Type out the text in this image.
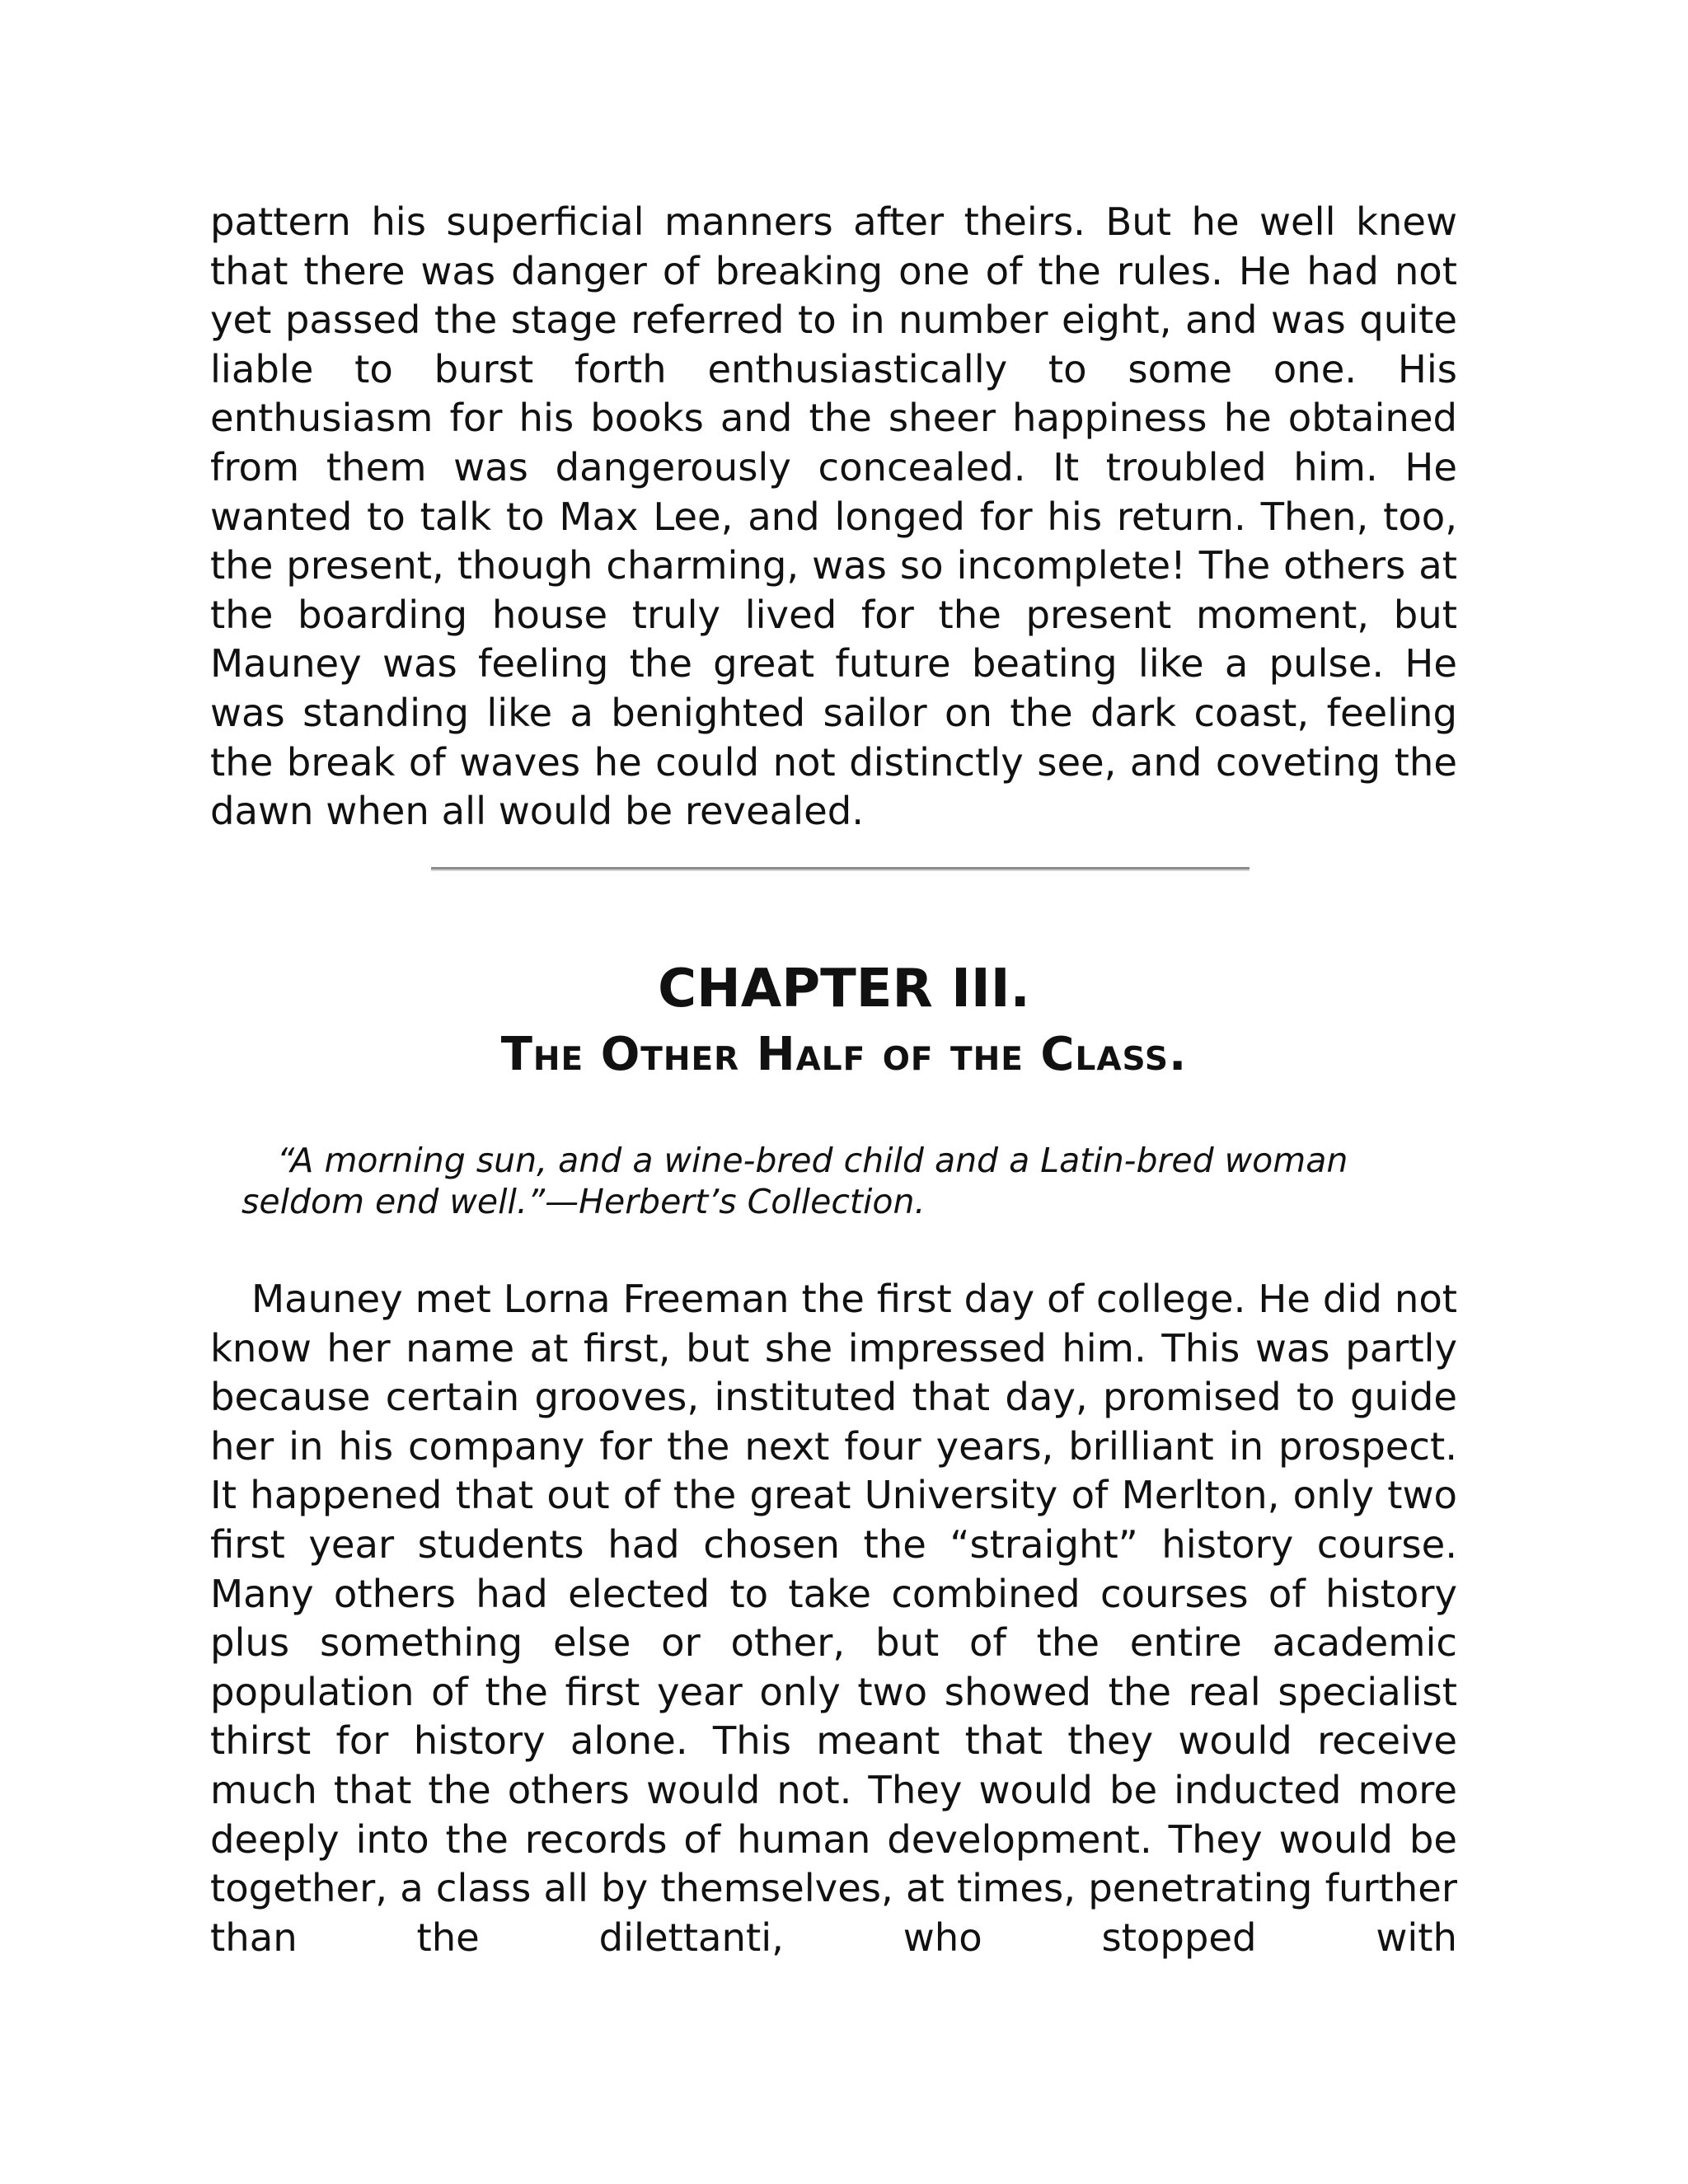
pattern his superficial manners after theirs. But he well knew that there was danger of breaking one of the rules. He had not yet passed the stage referred to in number eight, and was quite liable to burst forth enthusiastically to some one. His enthusiasm for his books and the sheer happiness he obtained from them was dangerously concealed. It troubled him. He wanted to talk to Max Lee, and longed for his return. Then, too, the present, though charming, was so incomplete! The others at the boarding house truly lived for the present moment, but Mauney was feeling the great future beating like a pulse. He was standing like a benighted sailor on the dark coast, feeling the break of waves he could not distinctly see, and coveting the dawn when all would be revealed.

CHAPTER III.
The Other Half of the Class.

“A morning sun, and a wine-bred child and a Latin-bred woman seldom end well.”—Herbert’s Collection.

Mauney met Lorna Freeman the first day of college. He did not know her name at first, but she impressed him. This was partly because certain grooves, instituted that day, promised to guide her in his company for the next four years, brilliant in prospect. It happened that out of the great University of Merlton, only two first year students had chosen the “straight” history course. Many others had elected to take combined courses of history plus something else or other, but of the entire academic population of the first year only two showed the real specialist thirst for history alone. This meant that they would receive much that the others would not. They would be inducted more deeply into the records of human development. They would be together, a class all by themselves, at times, penetrating further than the dilettanti, who stopped with
